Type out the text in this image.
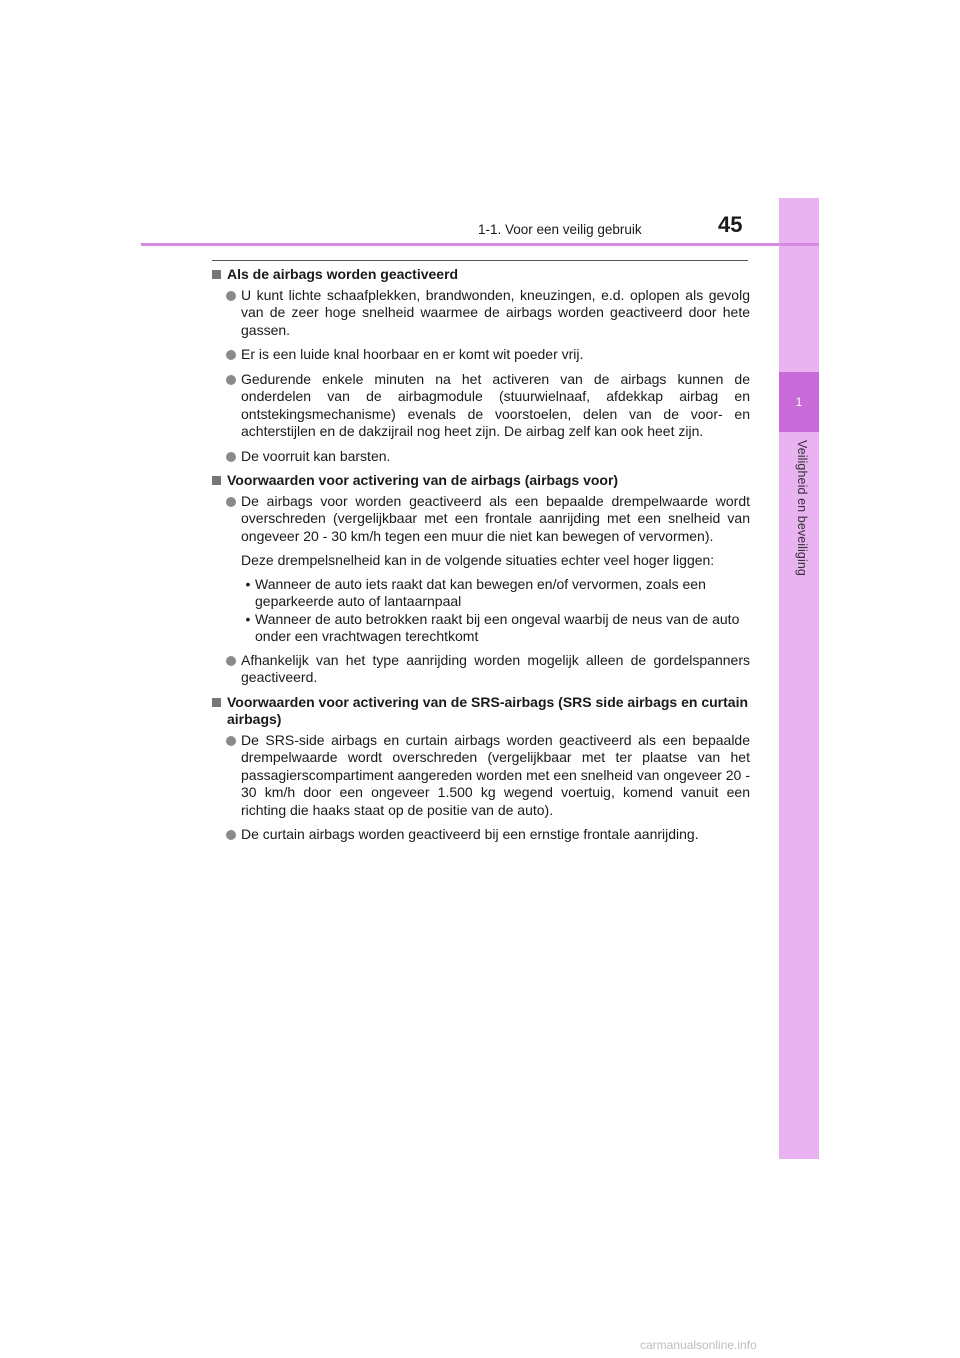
1
Veiligheid en beveiliging
1-1. Voor een veilig gebruik	45
Als de airbags worden geactiveerd
U kunt lichte schaafplekken, brandwonden, kneuzingen, e.d. oplopen als gevolg van de zeer hoge snelheid waarmee de airbags worden geactiveerd door hete gassen.
Er is een luide knal hoorbaar en er komt wit poeder vrij.
Gedurende enkele minuten na het activeren van de airbags kunnen de onderdelen van de airbagmodule (stuurwielnaaf, afdekkap airbag en ontstekingsmechanisme) evenals de voorstoelen, delen van de voor- en achterstijlen en de dakzijrail nog heet zijn. De airbag zelf kan ook heet zijn.
De voorruit kan barsten.
Voorwaarden voor activering van de airbags (airbags voor)
De airbags voor worden geactiveerd als een bepaalde drempelwaarde wordt overschreden (vergelijkbaar met een frontale aanrijding met een snelheid van ongeveer 20 - 30 km/h tegen een muur die niet kan bewegen of vervormen).
Deze drempelsnelheid kan in de volgende situaties echter veel hoger liggen:
• Wanneer de auto iets raakt dat kan bewegen en/of vervormen, zoals een geparkeerde auto of lantaarnpaal
• Wanneer de auto betrokken raakt bij een ongeval waarbij de neus van de auto onder een vrachtwagen terechtkomt
Afhankelijk van het type aanrijding worden mogelijk alleen de gordelspanners geactiveerd.
Voorwaarden voor activering van de SRS-airbags (SRS side airbags en curtain airbags)
De SRS-side airbags en curtain airbags worden geactiveerd als een bepaalde drempelwaarde wordt overschreden (vergelijkbaar met ter plaatse van het passagierscompartiment aangereden worden met een snelheid van ongeveer 20 - 30 km/h door een ongeveer 1.500 kg wegend voertuig, komend vanuit een richting die haaks staat op de positie van de auto).
De curtain airbags worden geactiveerd bij een ernstige frontale aanrijding.
carmanualsonline.info
